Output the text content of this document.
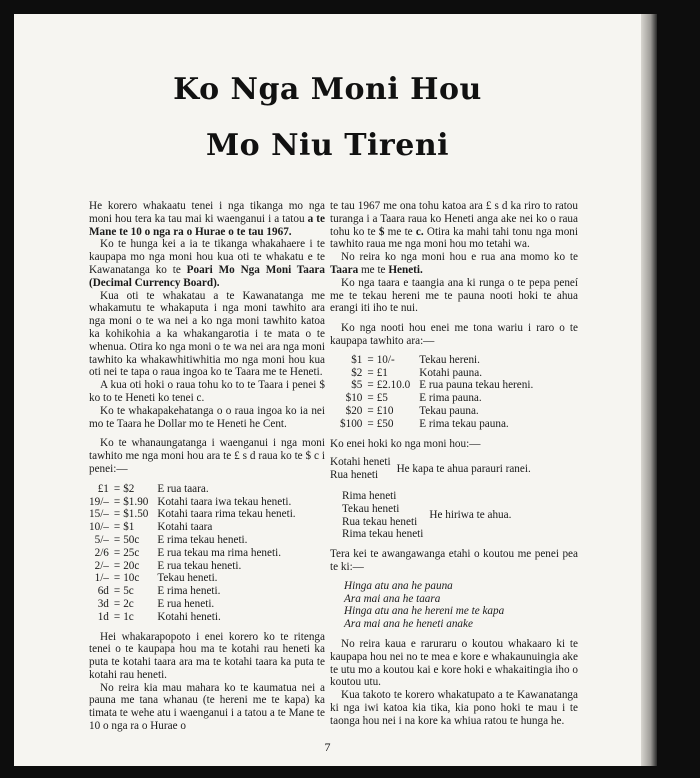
Ko Nga Moni Hou
Mo Niu Tireni

He korero whakaatu tenei i nga tikanga mo nga moni hou tera ka tau mai ki waenganui i a tatou a te Mane te 10 o nga ra o Hurae o te tau 1967.

Ko te hunga kei a ia te tikanga whakahaere i te kaupapa mo nga moni hou kua oti te whakatu e te Kawanatanga ko te Poari Mo Nga Moni Taara (Decimal Currency Board).

Kua oti te whakatau a te Kawanatanga me whakamutu te whakaputa i nga moni tawhito ara nga moni o te wa nei a ko nga moni tawhito katoa ka kohikohia a ka whakangarotia i te mata o te whenua. Otira ko nga moni o te wa nei ara nga moni tawhito ka whakawhitiwhitia mo nga moni hou kua oti nei te tapa o raua ingoa ko te Taara me te Heneti.

A kua oti hoki o raua tohu ko to te Taara i penei $ ko to te Heneti ko tenei c.

Ko te whakapakehatanga o o raua ingoa ko ia nei mo te Taara he Dollar mo te Heneti he Cent.

Ko te whanaungatanga i waenganui i nga moni tawhito me nga moni hou ara te £ s d raua ko te $ c i penei:—

£1	=	$2	E rua taara.
19/–	=	$1.90	Kotahi taara iwa tekau heneti.
15/–	=	$1.50	Kotahi taara rima tekau heneti.
10/–	=	$1	Kotahi taara
5/–	=	50c	E rima tekau heneti.
2/6	=	25c	E rua tekau ma rima heneti.
2/–	=	20c	E rua tekau heneti.
1/–	=	10c	Tekau heneti.
6d	=	5c	E rima heneti.
3d	=	2c	E rua heneti.
1d	=	1c	Kotahi heneti.

Hei whakarapopoto i enei korero ko te ritenga tenei o te kaupapa hou ma te kotahi rau heneti ka puta te kotahi taara ara ma te kotahi taara ka puta te kotahi rau heneti.

No reira kia mau mahara ko te kaumatua nei a pauna me tana whanau (te hereni me te kapa) ka timata te wehe atu i waenganui i a tatou a te Mane te 10 o nga ra o Hurae o

te tau 1967 me ona tohu katoa ara £ s d ka riro to ratou turanga i a Taara raua ko Heneti anga ake nei ko o raua tohu ko te $ me te c. Otira ka mahi tahi tonu nga moni tawhito raua me nga moni hou mo tetahi wa.

No reira ko nga moni hou e rua ana momo ko te Taara me te Heneti.

Ko nga taara e taangia ana ki runga o te pepa peneí me te tekau hereni me te pauna nooti hoki te ahua erangi iti iho te nui.

Ko nga nooti hou enei me tona wariu i raro o te kaupapa tawhito ara:—

$1	=	10/-	Tekau hereni.
$2	=	£1	Kotahi pauna.
$5	=	£2.10.0	E rua pauna tekau hereni.
$10	=	£5	E rima pauna.
$20	=	£10	Tekau pauna.
$100	=	£50	E rima tekau pauna.

Ko enei hoki ko nga moni hou:—

Kotahi heneti
Rua heneti
He kapa te ahua parauri ranei.
Rima heneti
Tekau heneti
Rua tekau heneti
Rima tekau heneti
He hiriwa te ahua.

Tera kei te awangawanga etahi o koutou me penei pea te ki:—

Hinga atu ana he pauna
Ara mai ana he taara
Hinga atu ana he hereni me te kapa
Ara mai ana he heneti anake

No reira kaua e raruraru o koutou whakaaro ki te kaupapa hou nei no te mea e kore e whakaunuingia ake te utu mo a koutou kai e kore hoki e whakaitingia iho o koutou utu.

Kua takoto te korero whakatupato a te Kawanatanga ki nga iwi katoa kia tika, kia pono hoki te mau i te taonga hou nei i na kore ka whiua ratou te hunga he.

7
